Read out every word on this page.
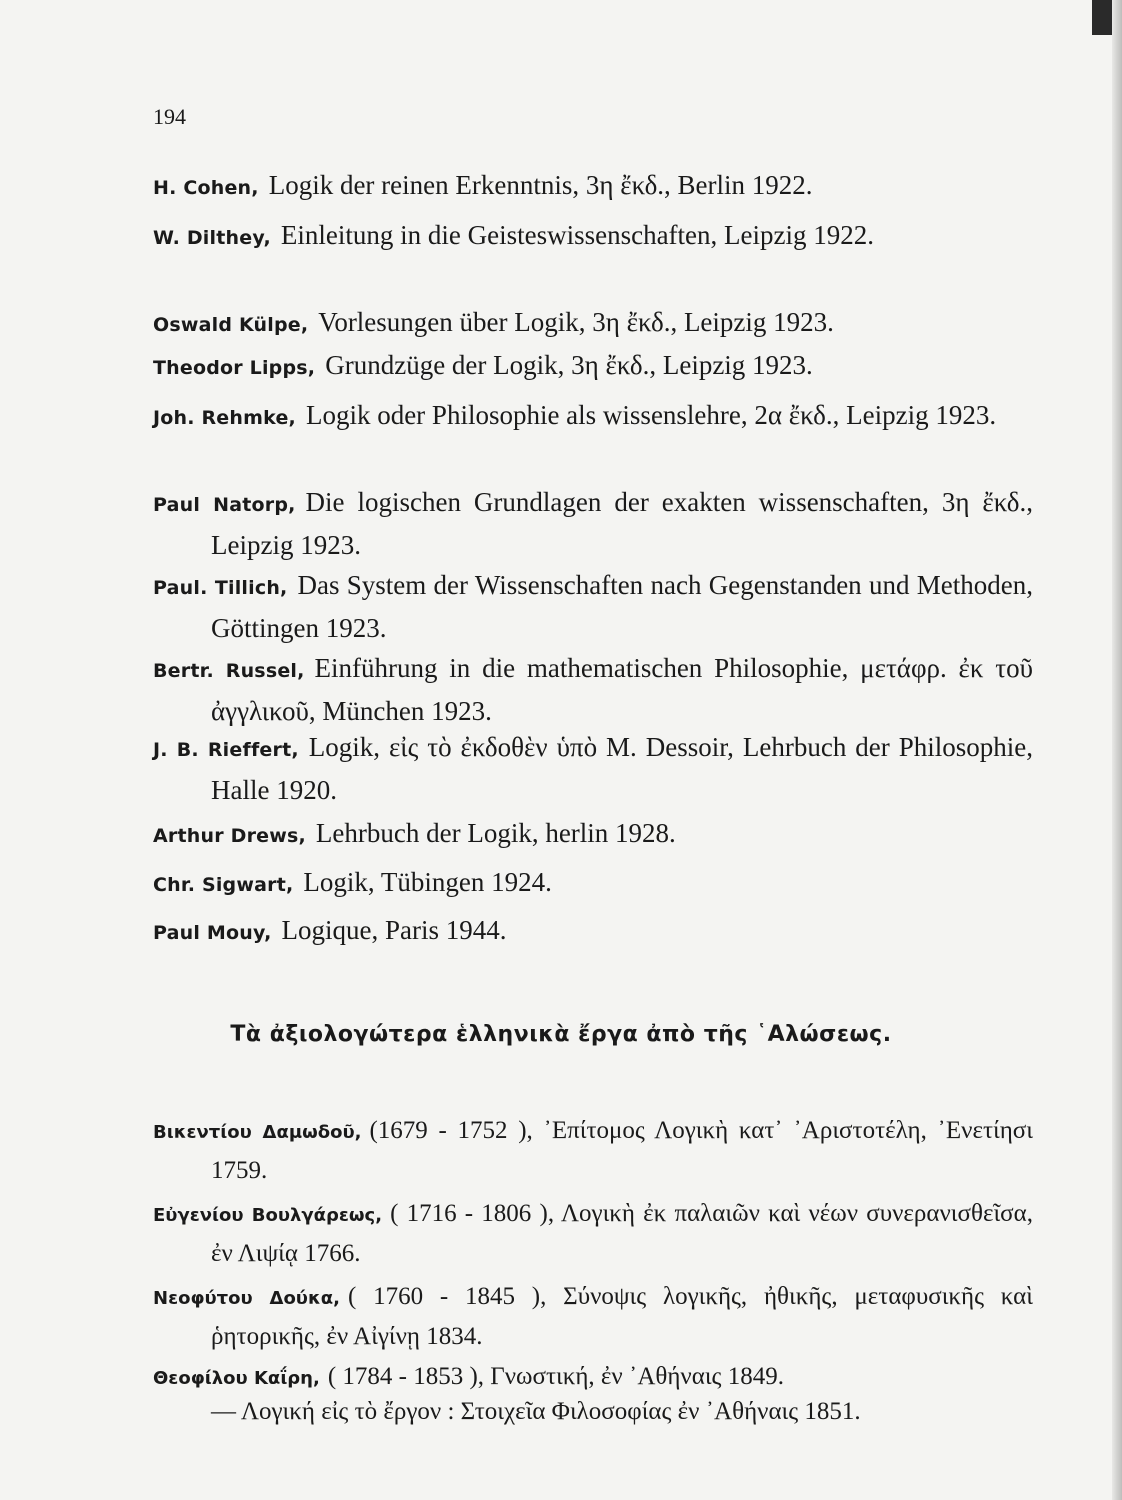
194
H. Cohen, Logik der reinen Erkenntnis, 3η ἔκδ., Berlin 1922.
W. Dilthey, Einleitung in die Geisteswissenschaften, Leipzig 1922.
Oswald Külpe, Vorlesungen über Logik, 3η ἔκδ., Leipzig 1923.
Theodor Lipps, Grundzüge der Logik, 3η ἔκδ., Leipzig 1923.
Joh. Rehmke, Logik oder Philosophie als wissenslehre, 2α ἔκδ., Leipzig 1923.
Paul Natorp, Die logischen Grundlagen der exakten wissenschaften, 3η ἔκδ., Leipzig 1923.
Paul. Tillich, Das System der Wissenschaften nach Gegenstanden und Methoden, Göttingen 1923.
Bertr. Russel, Einführung in die mathematischen Philosophie, μετάφρ. ἐκ τοῦ ἀγγλικοῦ, München 1923.
J. B. Rieffert, Logik, εἰς τὸ ἐκδοθὲν ὑπὸ M. Dessoir, Lehrbuch der Philosophie, Halle 1920.
Arthur Drews, Lehrbuch der Logik, herlin 1928.
Chr. Sigwart, Logik, Tübingen 1924.
Paul Mouy, Logique, Paris 1944.
Τὰ ἀξιολογώτερα ἑλληνικὰ ἔργα ἀπὸ τῆς ῾Αλώσεως.
Βικεντίου Δαμωδοῦ, (1679 - 1752 ), ᾿Επίτομος Λογικὴ κατ᾿ ᾿Αριστοτέλη, ᾿Ενετίησι 1759.
Εὐγενίου Βουλγάρεως, ( 1716 - 1806 ), Λογικὴ ἐκ παλαιῶν καὶ νέων συνερανισθεῖσα, ἐν Λιψίᾳ 1766.
Νεοφύτου Δούκα, ( 1760 - 1845 ), Σύνοψις λογικῆς, ἠθικῆς, μεταφυσικῆς καὶ ῥητορικῆς, ἐν Αἰγίνῃ 1834.
Θεοφίλου Καΐρη, ( 1784 - 1853 ), Γνωστική, ἐν ᾿Αθήναις 1849.
— Λογική εἰς τὸ ἔργον : Στοιχεῖα Φιλοσοφίας ἐν ᾿Αθήναις 1851.
